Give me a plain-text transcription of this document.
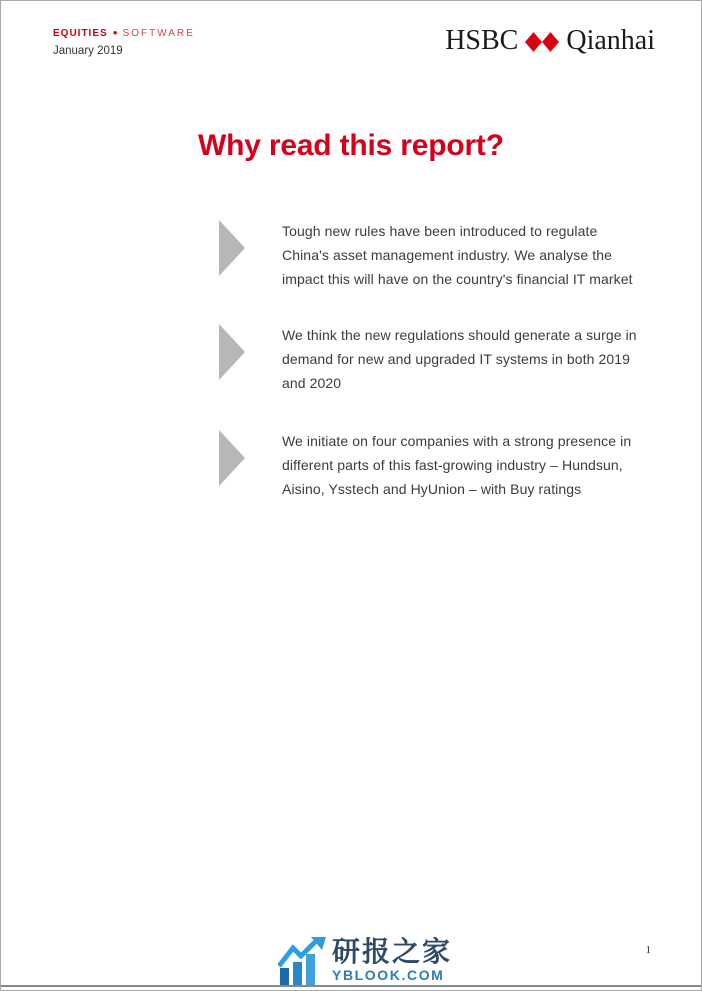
EQUITIES ● SOFTWARE
January 2019	HSBC Qianhai
Why read this report?
Tough new rules have been introduced to regulate China's asset management industry. We analyse the impact this will have on the country's financial IT market
We think the new regulations should generate a surge in demand for new and upgraded IT systems in both 2019 and 2020
We initiate on four companies with a strong presence in different parts of this fast-growing industry – Hundsun, Aisino, Ysstech and HyUnion – with Buy ratings
研报之家
YBLOOK.COM
1
